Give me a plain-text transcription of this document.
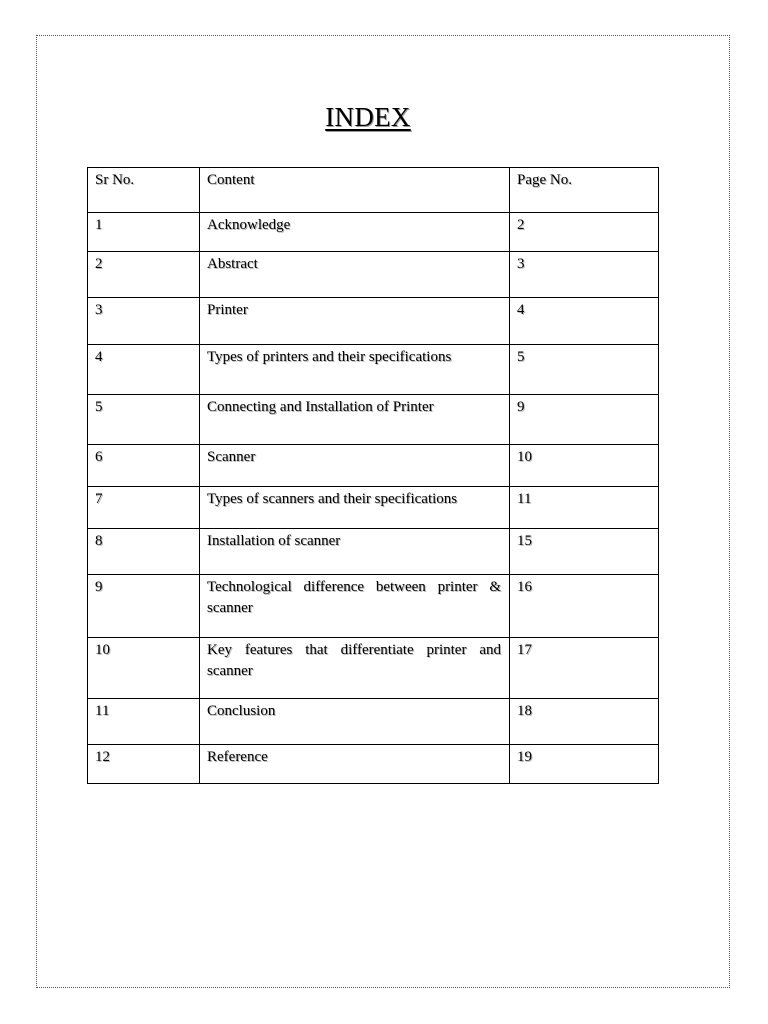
INDEX
Sr No.	Content	Page No.
1	Acknowledge	2
2	Abstract	3
3	Printer	4
4	Types of printers and their specifications	5
5	Connecting and Installation of Printer	9
6	Scanner	10
7	Types of scanners and their specifications	11
8	Installation of scanner	15
9	Technological difference between printer & scanner	16
10	Key features that differentiate printer and scanner	17
11	Conclusion	18
12	Reference	19
